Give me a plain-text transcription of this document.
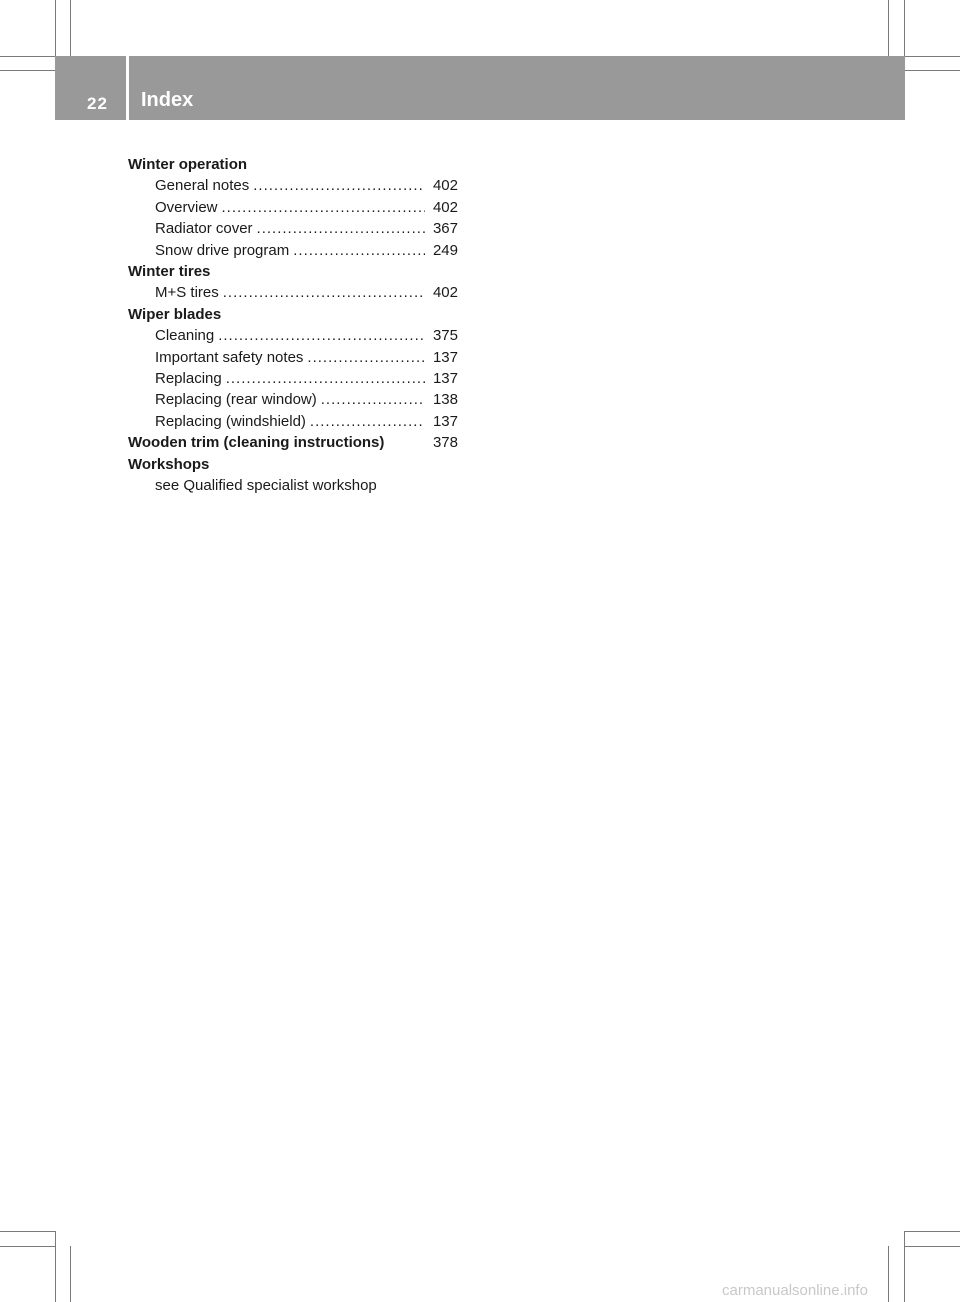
22 Index
Winter operation
General notes .....	402
Overview .....	402
Radiator cover .....	367
Snow drive program .....	249
Winter tires
M+S tires .....	402
Wiper blades
Cleaning .....	375
Important safety notes .....	137
Replacing .....	137
Replacing (rear window) .....	138
Replacing (windshield) .....	137
Wooden trim (cleaning instructions)	378
Workshops
see Qualified specialist workshop
carmanualsonline.info
